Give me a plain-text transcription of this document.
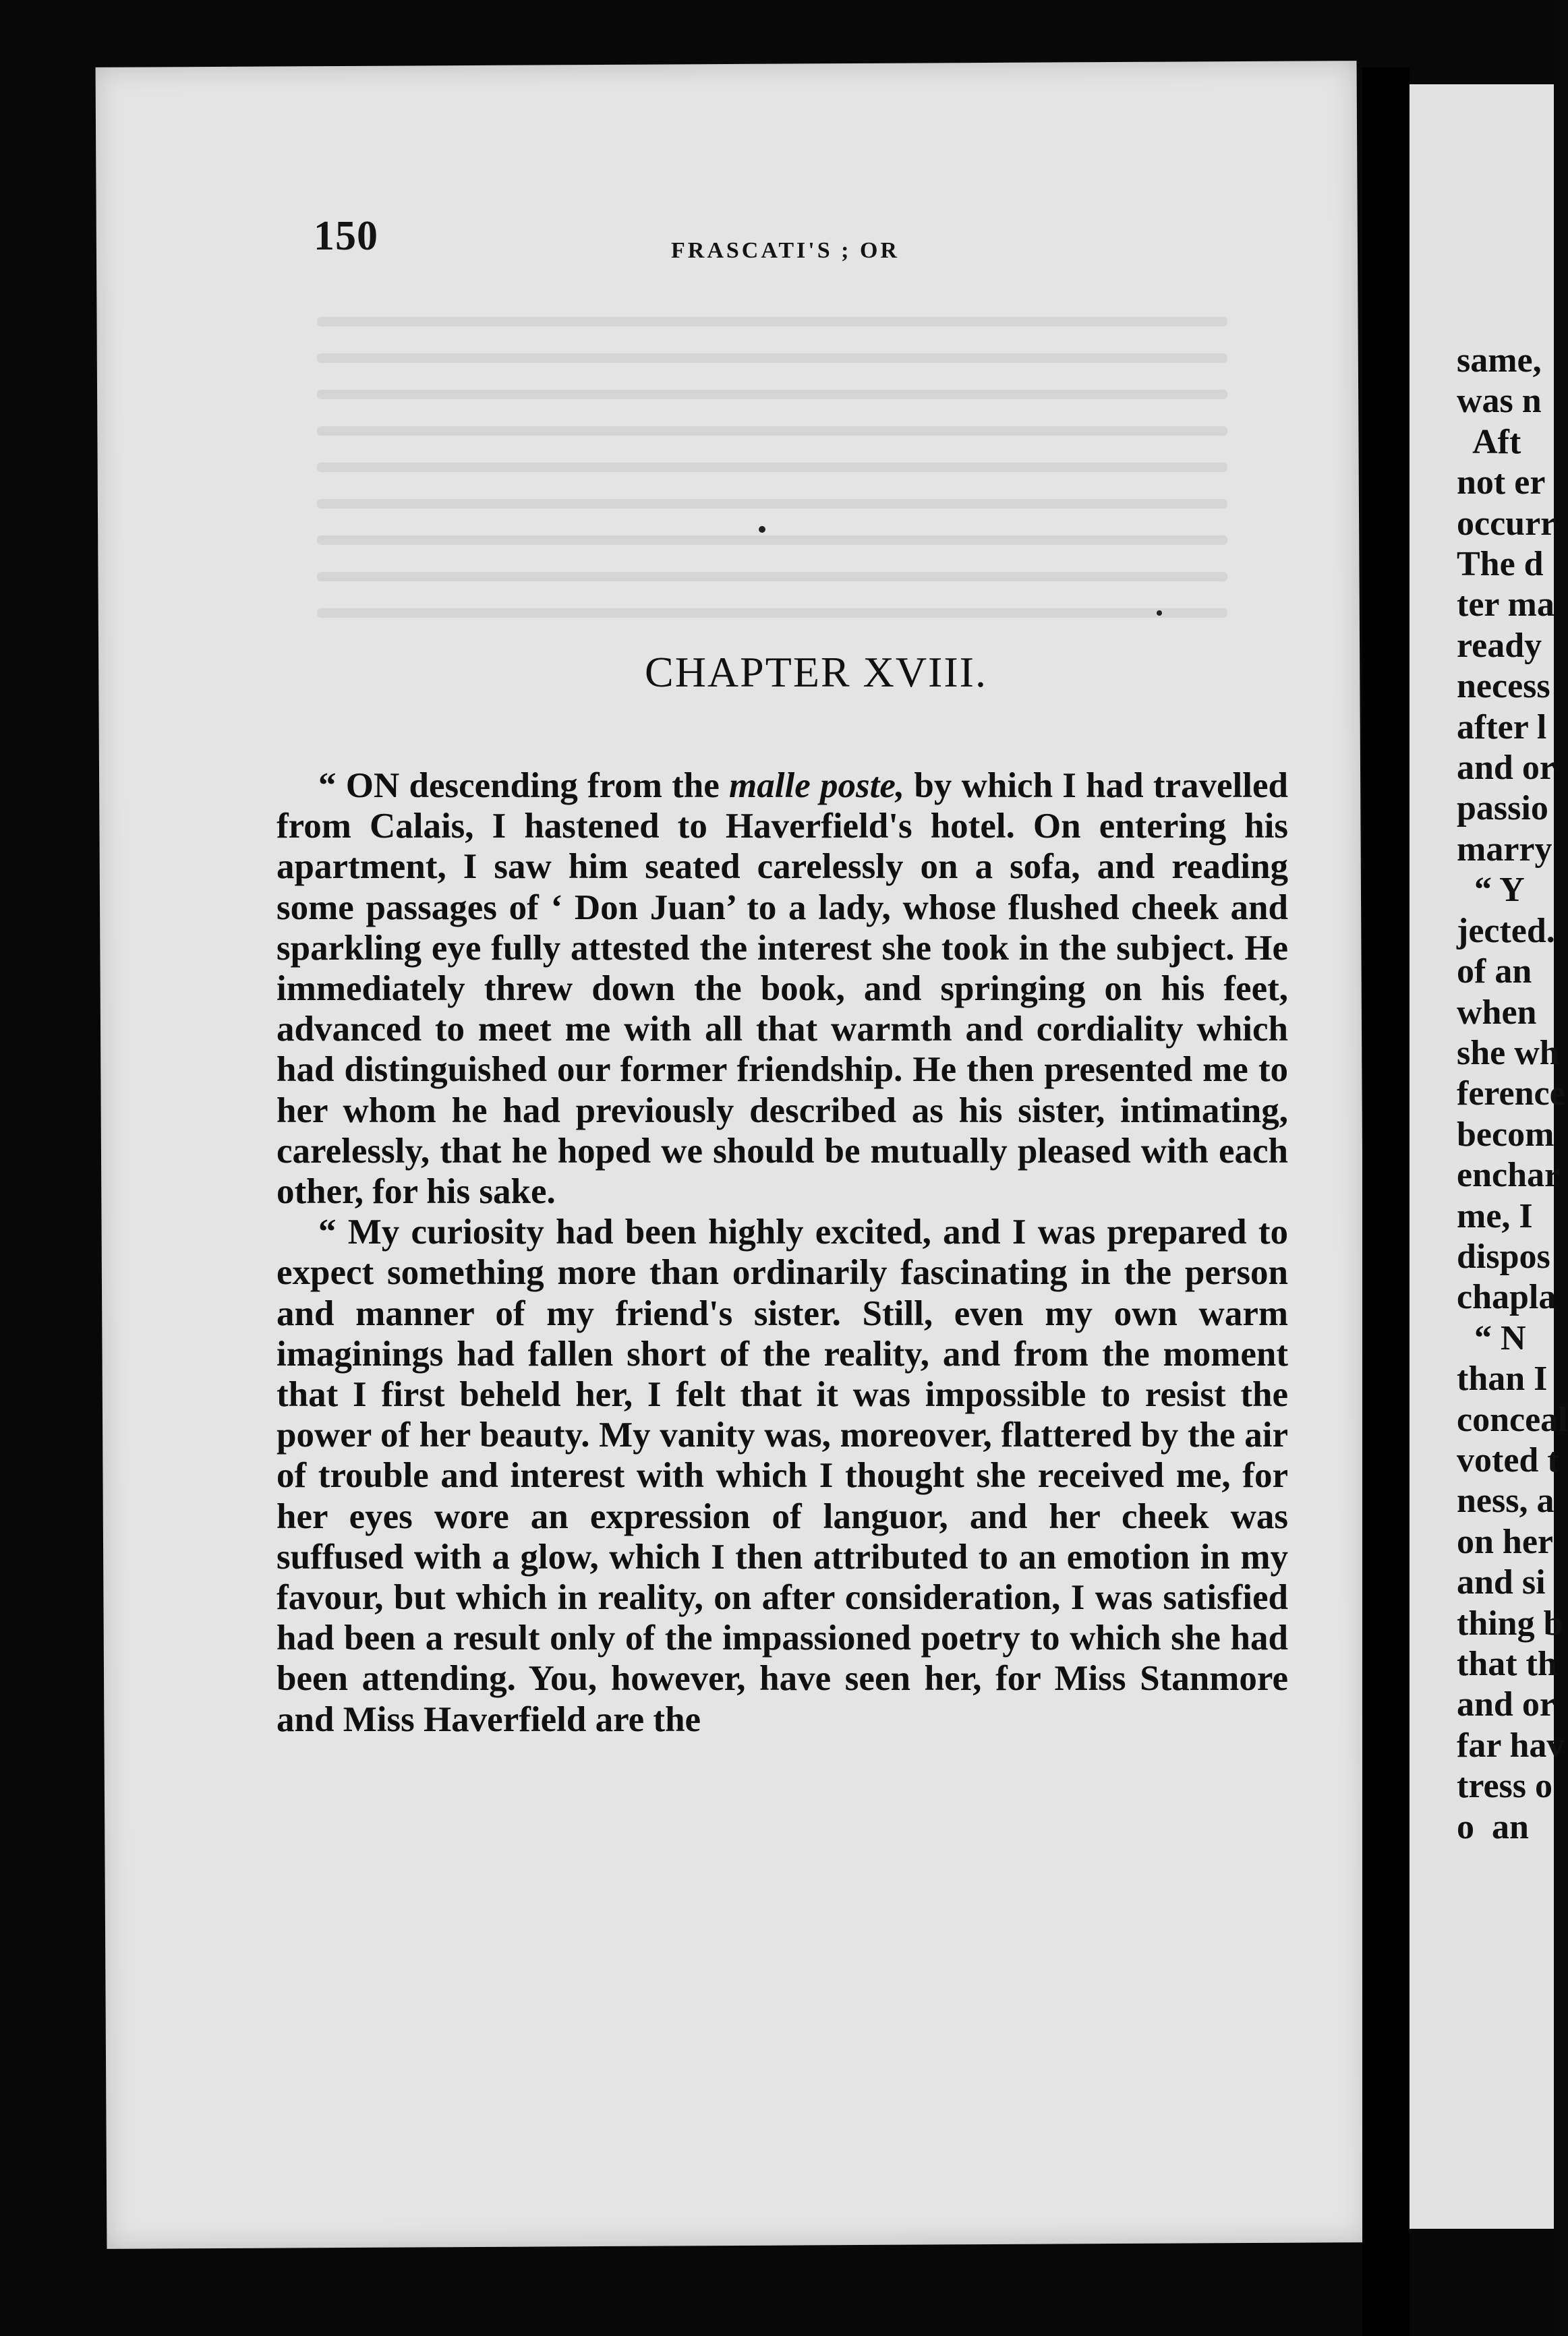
150	FRASCATI'S ; OR
CHAPTER XVIII.

“ ON descending from the malle poste, by which I had travelled from Calais, I hastened to Haverfield's hotel. On entering his apartment, I saw him seated carelessly on a sofa, and reading some passages of ‘ Don Juan’ to a lady, whose flushed cheek and sparkling eye fully attested the interest she took in the subject. He immediately threw down the book, and springing on his feet, advanced to meet me with all that warmth and cordiality which had distinguished our former friendship. He then presented me to her whom he had previously described as his sister, intimating, carelessly, that he hoped we should be mutually pleased with each other, for his sake.

“ My curiosity had been highly excited, and I was prepared to expect something more than ordinarily fascinating in the person and manner of my friend's sister. Still, even my own warm imaginings had fallen short of the reality, and from the moment that I first beheld her, I felt that it was impossible to resist the power of her beauty. My vanity was, moreover, flattered by the air of trouble and interest with which I thought she received me, for her eyes wore an expression of languor, and her cheek was suffused with a glow, which I then attributed to an emotion in my favour, but which in reality, on after consideration, I was satisfied had been a result only of the impassioned poetry to which she had been attending. You, however, have seen her, for Miss Stanmore and Miss Haverfield are the

same,
was n
Aft
not er
occurr
The d
ter ma
ready
necess
after l
and or
passio
marry
“ Y
jected.
of an
when
she wh
ference
becom
enchar
me, I
dispos
chapla
“ N
than I
conceal
voted t
ness, a
on her
and si
thing b
that th
and or
far hav
tress o
o  an
